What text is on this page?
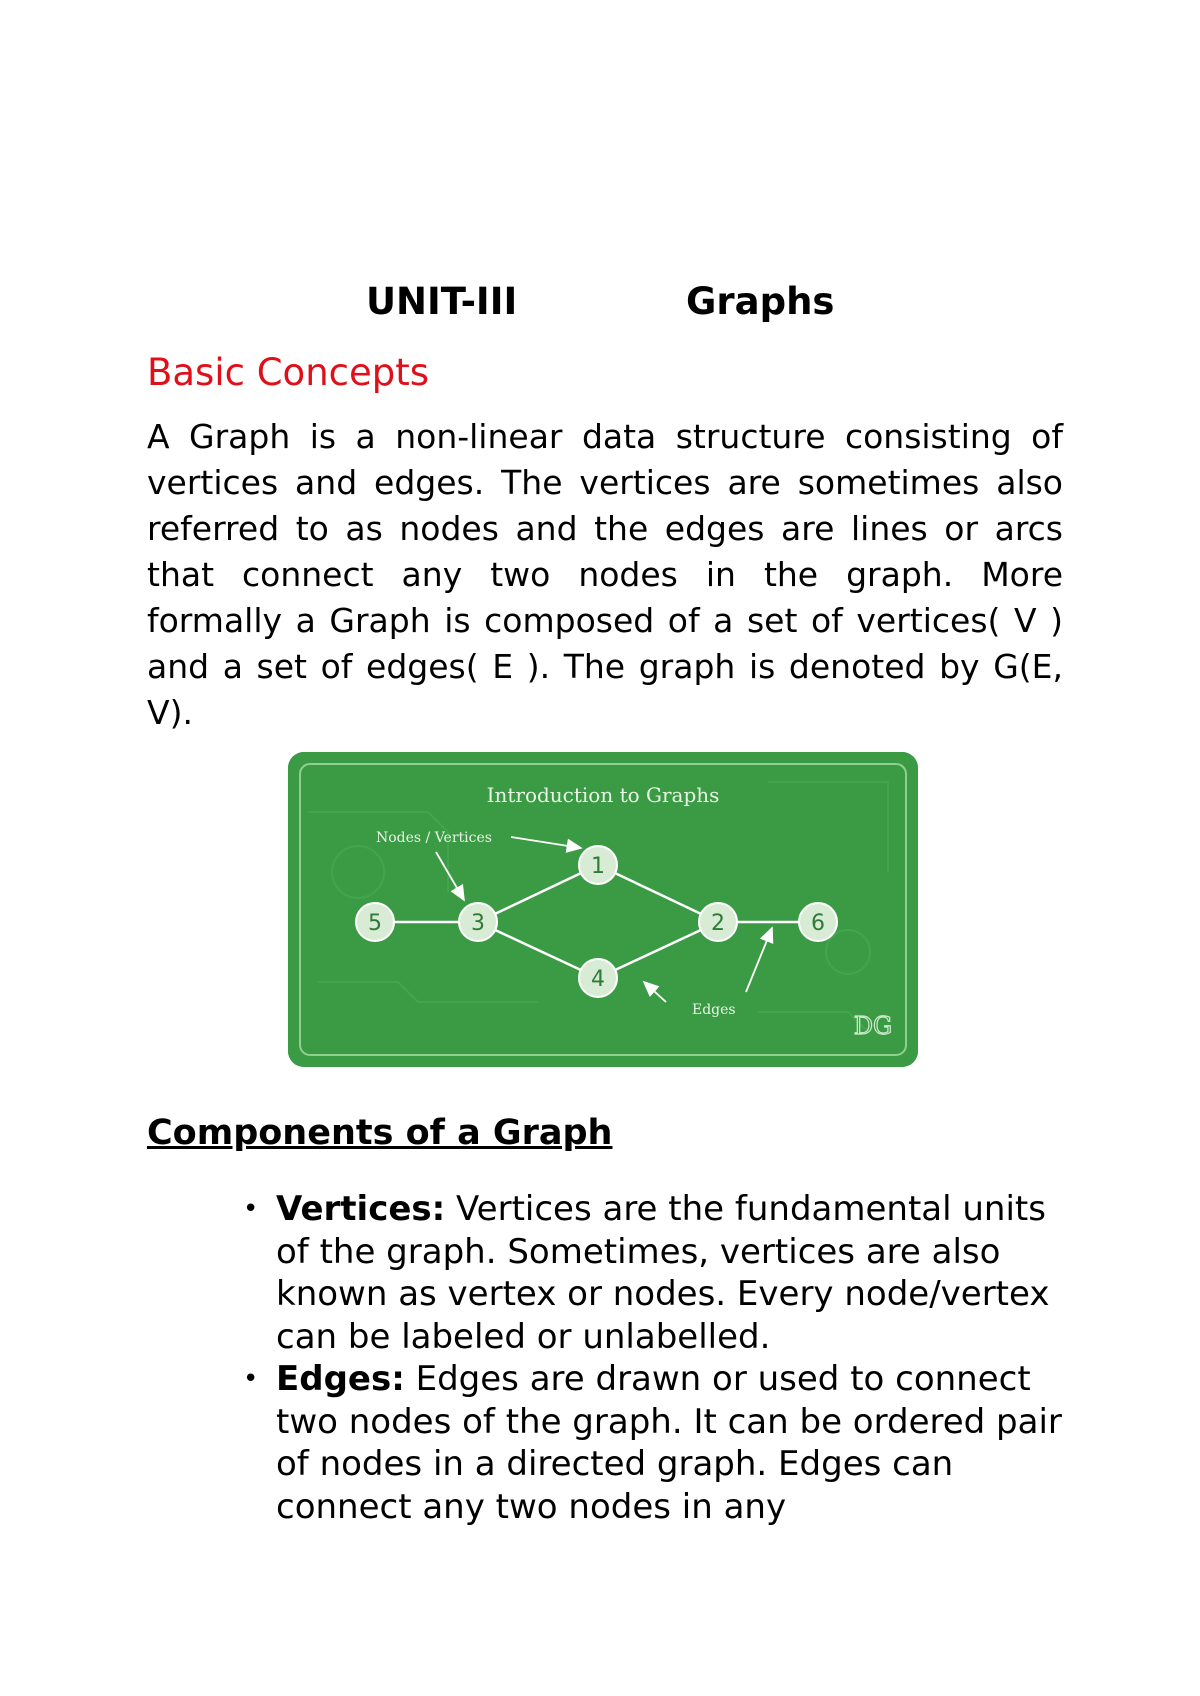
UNIT-III	Graphs
Basic Concepts

A Graph is a non-linear data structure consisting of vertices and edges. The vertices are sometimes also referred to as nodes and the edges are lines or arcs that connect any two nodes in the graph. More formally a Graph is composed of a set of vertices( V ) and a set of edges( E ). The graph is denoted by G(E, V).

Introduction to Graphs
Nodes / Vertices
Edges
1
2
3
4
5	6
DG
Components of a Graph
• Vertices: Vertices are the fundamental units of the graph. Sometimes, vertices are also known as vertex or nodes. Every node/vertex can be labeled or unlabelled.
• Edges: Edges are drawn or used to connect two nodes of the graph. It can be ordered pair of nodes in a directed graph. Edges can connect any two nodes in any
